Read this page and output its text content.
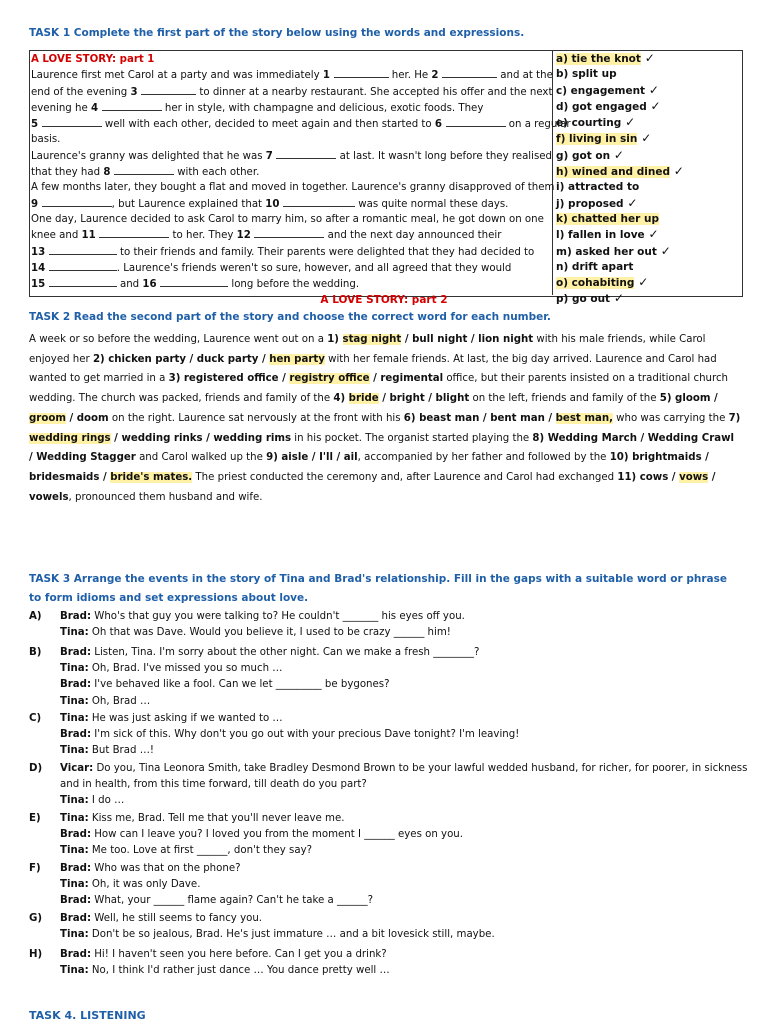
TASK 1 Complete the first part of the story below using the words and expressions.
A LOVE STORY: part 1
Laurence first met Carol at a party and was immediately 1	her. He 2	and at the
end of the evening 3	to dinner at a nearby restaurant. She accepted his offer and the next
evening he 4	her in style, with champagne and delicious, exotic foods. They
5	well with each other, decided to meet again and then started to 6	on a regular
basis.
Laurence's granny was delighted that he was 7	at last. It wasn't long before they realised
that they had 8	with each other.
A few months later, they bought a flat and moved in together. Laurence's granny disapproved of them
9	, but Laurence explained that 10	was quite normal these days.
One day, Laurence decided to ask Carol to marry him, so after a romantic meal, he got down on one
knee and 11	to her. They 12	and the next day announced their
13	to their friends and family. Their parents were delighted that they had decided to
14	. Laurence's friends weren't so sure, however, and all agreed that they would
15	and 16	long before the wedding.
a) tie the knot ✓
b) split up
c) engagement ✓
d) got engaged ✓
e) courting ✓
f) living in sin ✓
g) got on ✓
h) wined and dined ✓
i) attracted to
j) proposed ✓
k) chatted her up
l) fallen in love ✓
m) asked her out ✓
n) drift apart
o) cohabiting ✓
p) go out ✓
A LOVE STORY: part 2
TASK 2 Read the second part of the story and choose the correct word for each number.
A week or so before the wedding, Laurence went out on a 1) stag night / bull night / lion night with his male friends, while Carol enjoyed her 2) chicken party / duck party / hen party with her female friends. At last, the big day arrived. Laurence and Carol had wanted to get married in a 3) registered office / registry office / regimental office, but their parents insisted on a traditional church wedding. The church was packed, friends and family of the 4) bride / bright / blight on the left, friends and family of the 5) gloom / groom / doom on the right. Laurence sat nervously at the front with his 6) beast man / bent man / best man, who was carrying the 7) wedding rings / wedding rinks / wedding rims in his pocket. The organist started playing the 8) Wedding March / Wedding Crawl / Wedding Stagger and Carol walked up the 9) aisle / I'll / ail, accompanied by her father and followed by the 10) brightmaids / bridesmaids / bride's mates. The priest conducted the ceremony and, after Laurence and Carol had exchanged 11) cows / vows / vowels, pronounced them husband and wife.
TASK 3 Arrange the events in the story of Tina and Brad's relationship. Fill in the gaps with a suitable word or phrase to form idioms and set expressions about love.
A)	Brad: Who's that guy you were talking to? He couldn't _______ his eyes off you.
Tina: Oh that was Dave. Would you believe it, I used to be crazy ______ him!
B)	Brad: Listen, Tina. I'm sorry about the other night. Can we make a fresh ________?
Tina: Oh, Brad. I've missed you so much …
Brad: I've behaved like a fool. Can we let _________ be bygones?
Tina: Oh, Brad …
C)	Tina: He was just asking if we wanted to …
Brad: I'm sick of this. Why don't you go out with your precious Dave tonight? I'm leaving!
Tina: But Brad …!
D)	Vicar: Do you, Tina Leonora Smith, take Bradley Desmond Brown to be your lawful wedded husband, for richer, for poorer, in sickness
and in health, from this time forward, till death do you part?
Tina: I do …
E)	Tina: Kiss me, Brad. Tell me that you'll never leave me.
Brad: How can I leave you? I loved you from the moment I ______ eyes on you.
Tina: Me too. Love at first ______, don't they say?
F)	Brad: Who was that on the phone?
Tina: Oh, it was only Dave.
Brad: What, your ______ flame again? Can't he take a ______?
G)	Brad: Well, he still seems to fancy you.
Tina: Don't be so jealous, Brad. He's just immature … and a bit lovesick still, maybe.
H)	Brad: Hi! I haven't seen you here before. Can I get you a drink?
Tina: No, I think I'd rather just dance … You dance pretty well …
TASK 4. LISTENING
